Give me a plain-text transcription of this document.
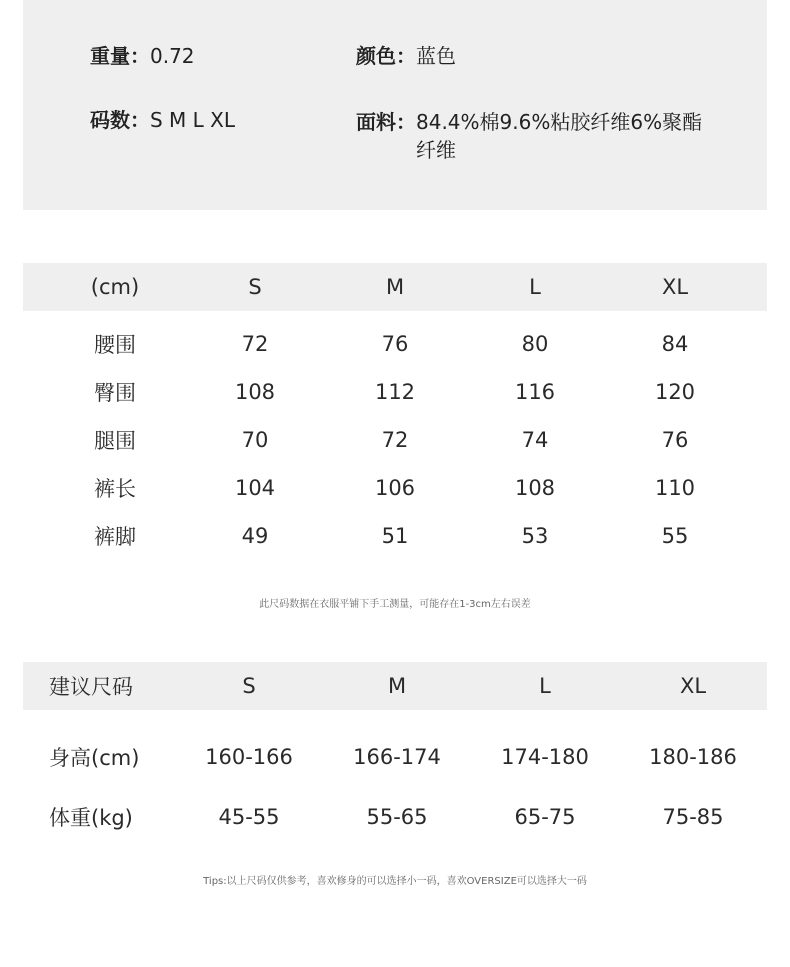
重量：0.72	颜色：蓝色
码数：S M L XL	面料： 84.4%棉9.6%粘胶纤维6%聚酯纤维
(cm)	S	M	L	XL
腰围	72	76	80	84
臀围	108	112	116	120
腿围	70	72	74	76
裤长	104	106	108	110
裤脚	49	51	53	55
此尺码数据在衣服平铺下手工测量，可能存在1-3cm左右误差
建议尺码	S	M	L	XL
身高(cm)	160-166	166-174	174-180	180-186
体重(kg)	45-55	55-65	65-75	75-85
Tips:以上尺码仅供参考，喜欢修身的可以选择小一码，喜欢OVERSIZE可以选择大一码
